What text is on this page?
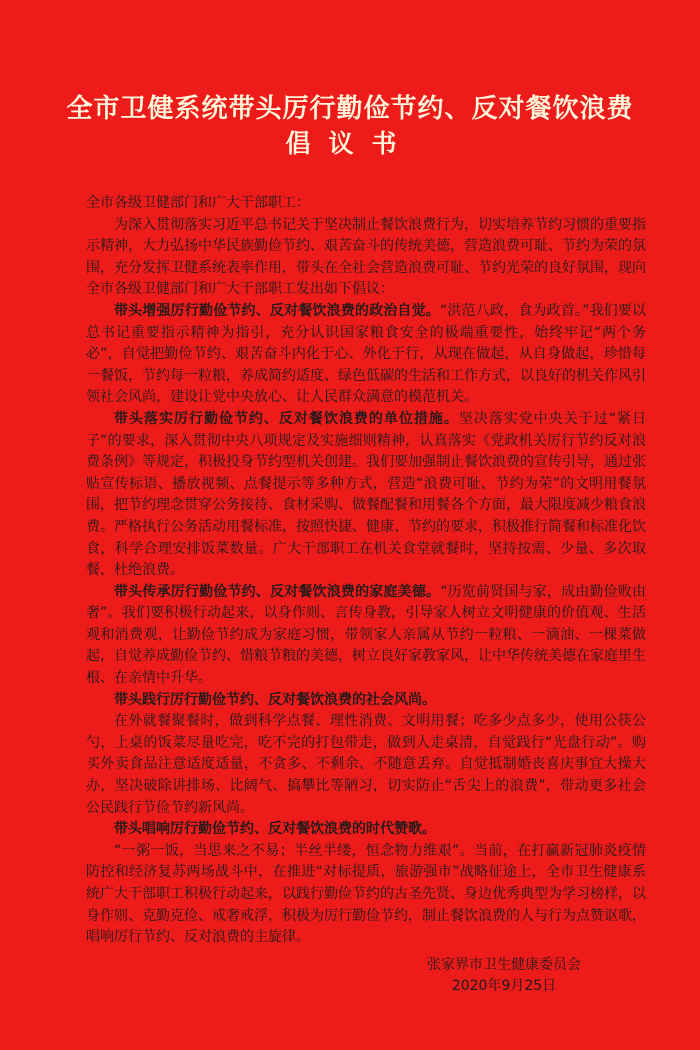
全市卫健系统带头厉行勤俭节约、反对餐饮浪费
倡议书

全市各级卫健部门和广大干部职工：

为深入贯彻落实习近平总书记关于坚决制止餐饮浪费行为，切实培养节约习惯的重要指示精神，大力弘扬中华民族勤俭节约、艰苦奋斗的传统美德，营造浪费可耻、节约为荣的氛围，充分发挥卫健系统表率作用，带头在全社会营造浪费可耻、节约光荣的良好氛围，现向全市各级卫健部门和广大干部职工发出如下倡议：

带头增强厉行勤俭节约、反对餐饮浪费的政治自觉。“洪范八政，食为政首。”我们要以总书记重要指示精神为指引，充分认识国家粮食安全的极端重要性，始终牢记“两个务必”，自觉把勤俭节约、艰苦奋斗内化于心、外化于行，从现在做起，从自身做起，珍惜每一餐饭，节约每一粒粮，养成简约适度、绿色低碳的生活和工作方式，以良好的机关作风引领社会风尚，建设让党中央放心、让人民群众满意的模范机关。

带头落实厉行勤俭节约、反对餐饮浪费的单位措施。坚决落实党中央关于过“紧日子”的要求，深入贯彻中央八项规定及实施细则精神，认真落实《党政机关厉行节约反对浪费条例》等规定，积极投身节约型机关创建。我们要加强制止餐饮浪费的宣传引导，通过张贴宣传标语、播放视频、点餐提示等多种方式，营造“浪费可耻、节约为荣”的文明用餐氛围，把节约理念贯穿公务接待、食材采购、做餐配餐和用餐各个方面，最大限度减少粮食浪费。严格执行公务活动用餐标准，按照快捷、健康、节约的要求，积极推行简餐和标准化饮食，科学合理安排饭菜数量。广大干部职工在机关食堂就餐时，坚持按需、少量、多次取餐，杜绝浪费。

带头传承厉行勤俭节约、反对餐饮浪费的家庭美德。“历览前贤国与家，成由勤俭败由奢”。我们要积极行动起来，以身作则、言传身教，引导家人树立文明健康的价值观、生活观和消费观，让勤俭节约成为家庭习惯，带领家人亲属从节约一粒粮、一滴油、一棵菜做起，自觉养成勤俭节约、惜粮节粮的美德，树立良好家教家风，让中华传统美德在家庭里生根、在亲情中升华。

带头践行厉行勤俭节约、反对餐饮浪费的社会风尚。

在外就餐聚餐时，做到科学点餐、理性消费、文明用餐；吃多少点多少，使用公筷公勺，上桌的饭菜尽量吃完，吃不完的打包带走，做到人走桌清，自觉践行“光盘行动”。购买外卖食品注意适度适量，不贪多、不剩余、不随意丢弃。自觉抵制婚丧喜庆事宜大操大办，坚决破除讲排场、比阔气、搞攀比等陋习，切实防止“舌尖上的浪费”，带动更多社会公民践行节俭节约新风尚。

带头唱响厉行勤俭节约、反对餐饮浪费的时代赞歌。

“一粥一饭，当思来之不易；半丝半缕，恒念物力维艰”。当前，在打赢新冠肺炎疫情防控和经济复苏两场战斗中，在推进“对标提质，旅游强市”战略征途上，全市卫生健康系统广大干部职工积极行动起来，以践行勤俭节约的古圣先贤、身边优秀典型为学习榜样，以身作则、克勤克俭、戒奢戒浮，积极为厉行勤俭节约，制止餐饮浪费的人与行为点赞讴歌，唱响厉行节约、反对浪费的主旋律。

张家界市卫生健康委员会
2020年9月25日
